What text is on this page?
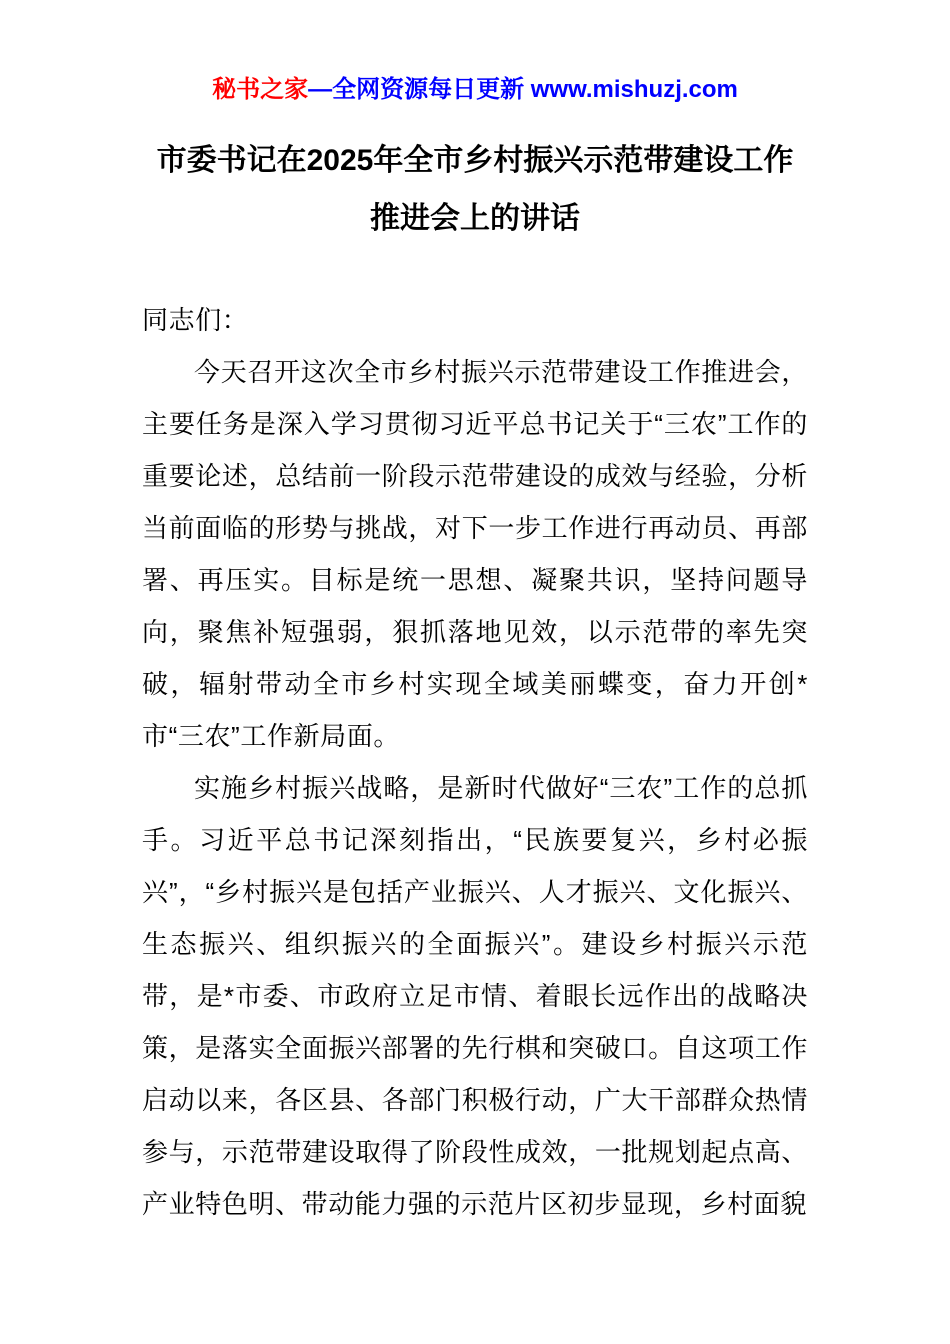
秘书之家—全网资源每日更新 www.mishuzj.com
市委书记在2025年全市乡村振兴示范带建设工作推进会上的讲话

同志们：

今天召开这次全市乡村振兴示范带建设工作推进会，主要任务是深入学习贯彻习近平总书记关于“三农”工作的重要论述，总结前一阶段示范带建设的成效与经验，分析当前面临的形势与挑战，对下一步工作进行再动员、再部署、再压实。目标是统一思想、凝聚共识，坚持问题导向，聚焦补短强弱，狠抓落地见效，以示范带的率先突破，辐射带动全市乡村实现全域美丽蝶变，奋力开创*市“三农”工作新局面。

实施乡村振兴战略，是新时代做好“三农”工作的总抓手。习近平总书记深刻指出，“民族要复兴，乡村必振兴”，“乡村振兴是包括产业振兴、人才振兴、文化振兴、生态振兴、组织振兴的全面振兴”。建设乡村振兴示范带，是*市委、市政府立足市情、着眼长远作出的战略决策，是落实全面振兴部署的先行棋和突破口。自这项工作启动以来，各区县、各部门积极行动，广大干部群众热情参与，示范带建设取得了阶段性成效，一批规划起点高、产业特色明、带动能力强的示范片区初步显现，乡村面貌
